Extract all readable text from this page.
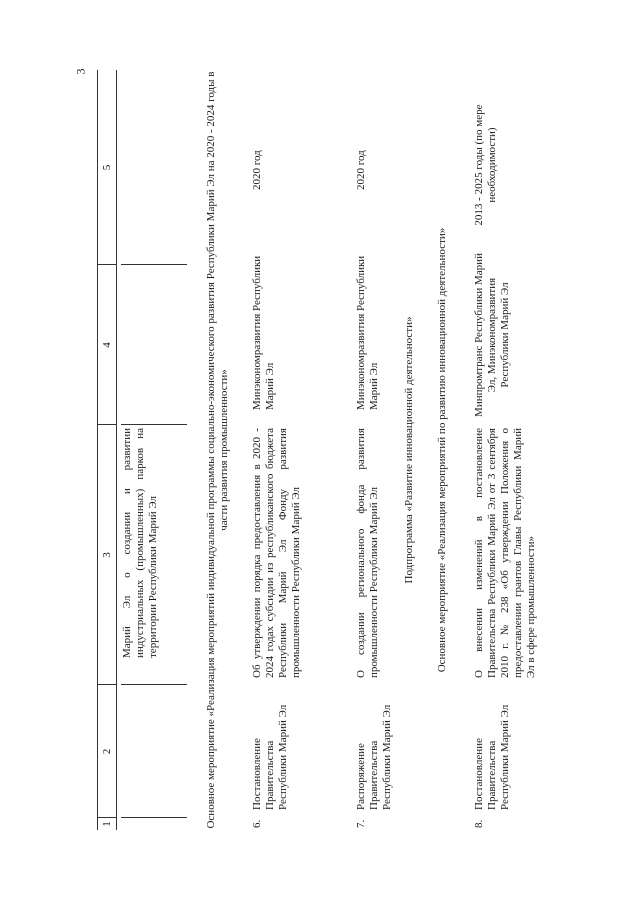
3
1
2
3
4
5
Марий Эл о создании и развитии индустриальных (промышленных) парков на территории Республики Марий Эл	Основное мероприятие «Реализация мероприятий индивидуальной программы социально-экономического развития Республики Марий Эл на 2020 - 2024 годы в части развития промышленности»
6.
Постановление Правительства Республики Марий Эл
Об утверждении порядка предоставления в 2020 - 2024 годах субсидии из республиканского бюджета Республики Марий Эл Фонду развития промышленности Республики Марий Эл
Минэкономразвития Республики Марий Эл
2020 год
7.
Распоряжение Правительства Республики Марий Эл
О создании регионального фонда развития промышленности Республики Марий Эл
Минэкономразвития Республики Марий Эл
2020 год
Подпрограмма «Развитие инновационной деятельности» Основное мероприятие «Реализация мероприятий по развитию инновационной деятельности»
8.
Постановление Правительства Республики Марий Эл
О внесении изменений в постановление Правительства Республики Марий Эл от 3 сентября 2010 г. № 238 «Об утверждении Положения о предоставлении грантов Главы Республики Марий Эл в сфере промышленности»
Минпромтранс Республики Марий Эл, Минэкономразвития Республики Марий Эл
2013 - 2025 годы (по мере необходимости)
